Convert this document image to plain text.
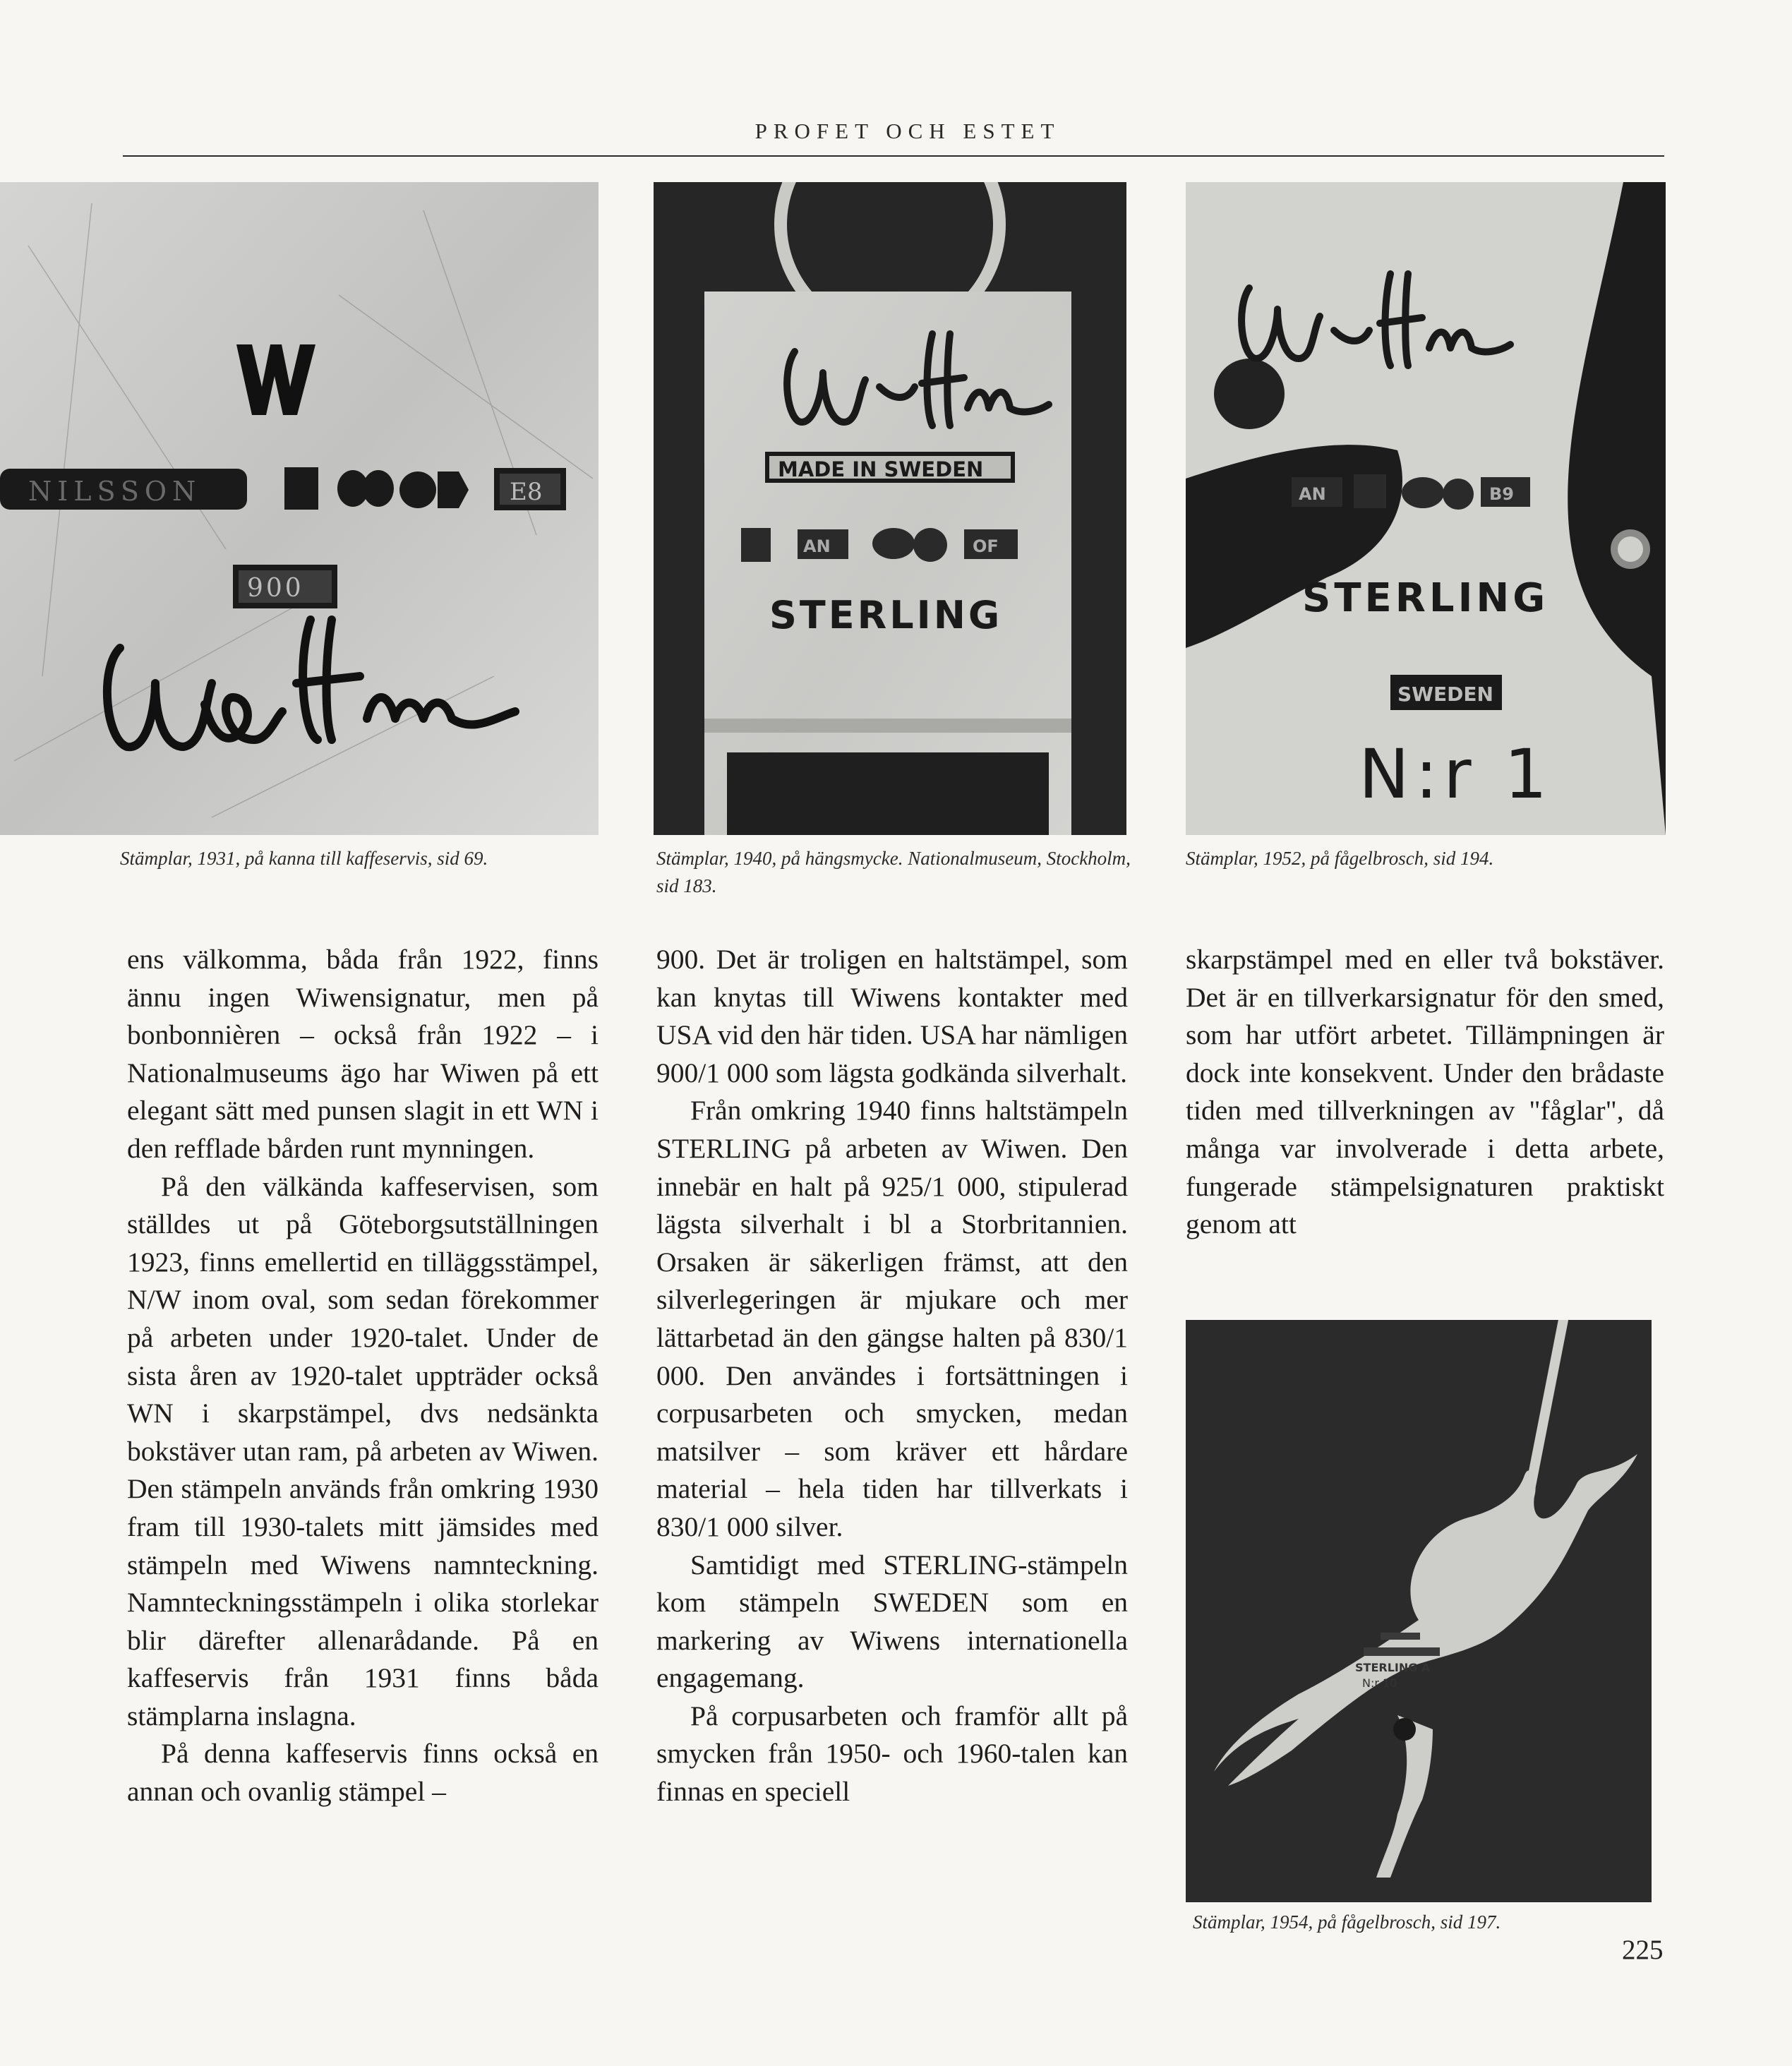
PROFET OCH ESTET
NILSSON	E8
900
Stämplar, 1931, på kanna till kaffeservis, sid 69.
MADE IN SWEDEN
AN	OF
STERLING
Stämplar, 1940, på hängsmycke. Nationalmuseum, Stockholm, sid 183.
AN	B9
STERLING
SWEDEN
N:r 1
Stämplar, 1952, på fågelbrosch, sid 194.
STERLING A
N:r 10
Stämplar, 1954, på fågelbrosch, sid 197.

ens välkomma, båda från 1922, finns ännu ingen Wiwensignatur, men på bonbonnièren – också från 1922 – i Nationalmuseums ägo har Wiwen på ett elegant sätt med punsen slagit in ett WN i den refflade bården runt mynningen.

På den välkända kaffeservisen, som ställdes ut på Göteborgsutställningen 1923, finns emellertid en tilläggsstämpel, N/W inom oval, som sedan förekommer på arbeten under 1920-talet. Under de sista åren av 1920-talet uppträder också WN i skarpstämpel, dvs nedsänkta bokstäver utan ram, på arbeten av Wiwen. Den stämpeln används från omkring 1930 fram till 1930-talets mitt jämsides med stämpeln med Wiwens namnteckning. Namnteckningsstämpeln i olika storlekar blir därefter allenarådande. På en kaffeservis från 1931 finns båda stämplarna inslagna.

På denna kaffeservis finns också en annan och ovanlig stämpel –

900. Det är troligen en haltstämpel, som kan knytas till Wiwens kontakter med USA vid den här tiden. USA har nämligen 900/1 000 som lägsta godkända silverhalt.

Från omkring 1940 finns haltstämpeln STERLING på arbeten av Wiwen. Den innebär en halt på 925/1 000, stipulerad lägsta silverhalt i bl a Storbritannien. Orsaken är säkerligen främst, att den silverlegeringen är mjukare och mer lättarbetad än den gängse halten på 830/1 000. Den användes i fortsättningen i corpusarbeten och smycken, medan matsilver – som kräver ett hårdare material – hela tiden har tillverkats i 830/1 000 silver.

Samtidigt med STERLING-stämpeln kom stämpeln SWEDEN som en markering av Wiwens internationella engagemang.

På corpusarbeten och framför allt på smycken från 1950- och 1960-talen kan finnas en speciell

skarpstämpel med en eller två bokstäver. Det är en tillverkarsignatur för den smed, som har utfört arbetet. Tillämpningen är dock inte konsekvent. Under den brådaste tiden med tillverkningen av "fåglar", då många var involverade i detta arbete, fungerade stämpelsignaturen praktiskt genom att

225
